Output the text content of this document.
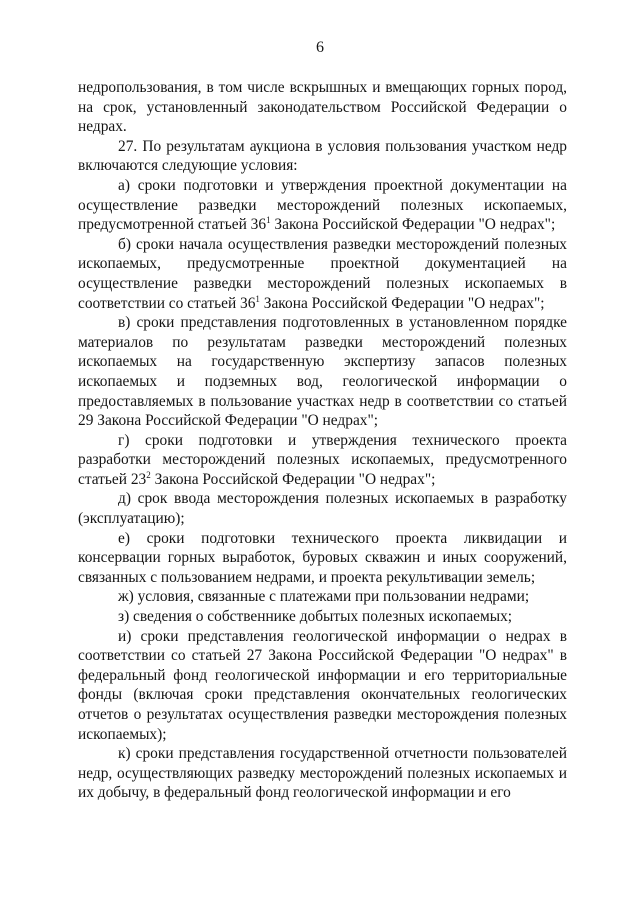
6

недропользования, в том числе вскрышных и вмещающих горных пород, на срок, установленный законодательством Российской Федерации о недрах.

27. По результатам аукциона в условия пользования участком недр включаются следующие условия:

а) сроки подготовки и утверждения проектной документации на осуществление разведки месторождений полезных ископаемых, предусмотренной статьей $36^1$ Закона Российской Федерации "О недрах";

б) сроки начала осуществления разведки месторождений полезных ископаемых, предусмотренные проектной документацией на осуществление разведки месторождений полезных ископаемых в соответствии со статьей $36^1$ Закона Российской Федерации "О недрах";

в) сроки представления подготовленных в установленном порядке материалов по результатам разведки месторождений полезных ископаемых на государственную экспертизу запасов полезных ископаемых и подземных вод, геологической информации о предоставляемых в пользование участках недр в соответствии со статьей 29 Закона Российской Федерации "О недрах";

г) сроки подготовки и утверждения технического проекта разработки месторождений полезных ископаемых, предусмотренного статьей $23^2$ Закона Российской Федерации "О недрах";

д) срок ввода месторождения полезных ископаемых в разработку (эксплуатацию);

е) сроки подготовки технического проекта ликвидации и консервации горных выработок, буровых скважин и иных сооружений, связанных с пользованием недрами, и проекта рекультивации земель;

ж) условия, связанные с платежами при пользовании недрами;

з) сведения о собственнике добытых полезных ископаемых;

и) сроки представления геологической информации о недрах в соответствии со статьей 27 Закона Российской Федерации "О недрах" в федеральный фонд геологической информации и его территориальные фонды (включая сроки представления окончательных геологических отчетов о результатах осуществления разведки месторождения полезных ископаемых);

к) сроки представления государственной отчетности пользователей недр, осуществляющих разведку месторождений полезных ископаемых и их добычу, в федеральный фонд геологической информации и его
